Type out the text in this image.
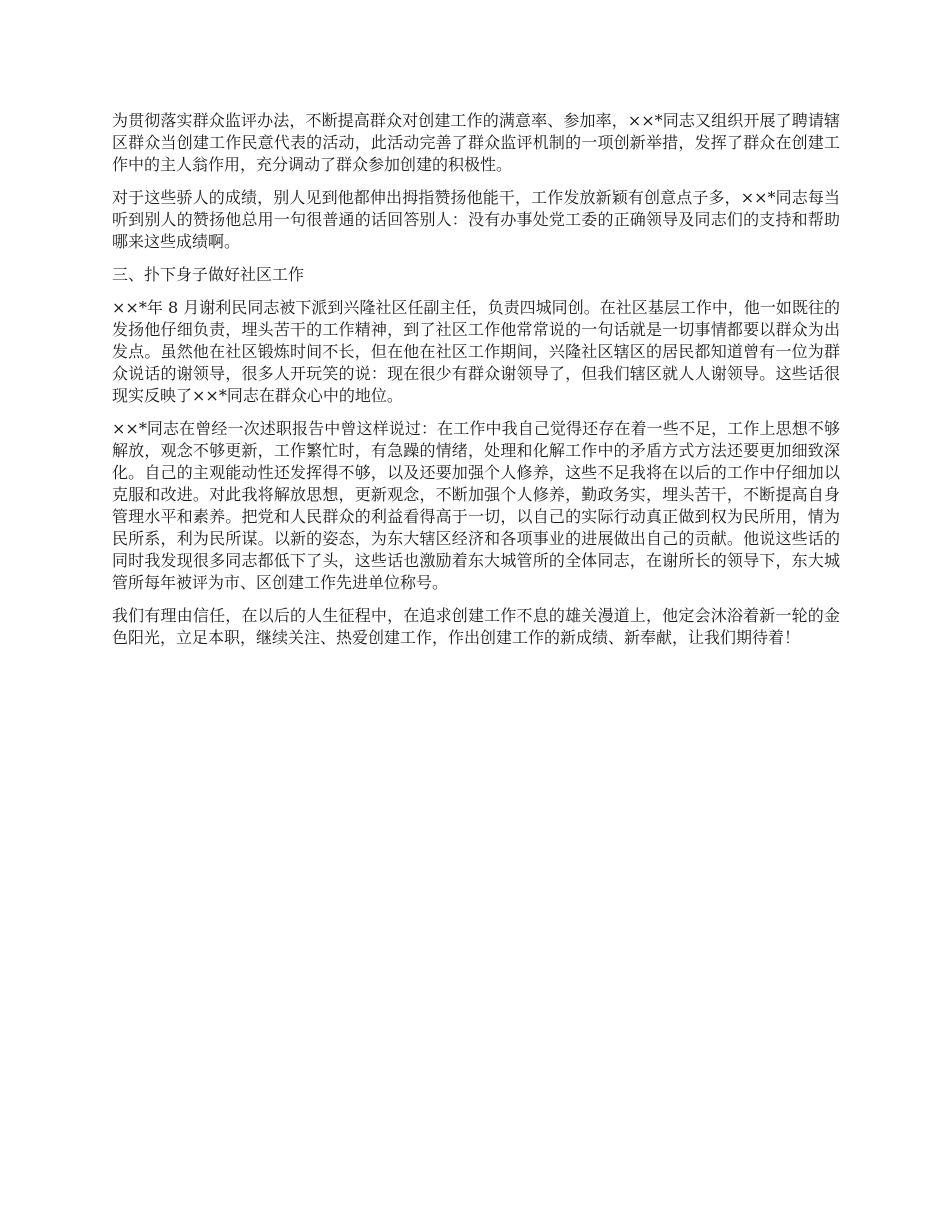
为贯彻落实群众监评办法，不断提高群众对创建工作的满意率、参加率，××*同志又组织开展了聘请辖区群众当创建工作民意代表的活动，此活动完善了群众监评机制的一项创新举措，发挥了群众在创建工作中的主人翁作用，充分调动了群众参加创建的积极性。

对于这些骄人的成绩，别人见到他都伸出拇指赞扬他能干，工作发放新颖有创意点子多，××*同志每当听到别人的赞扬他总用一句很普通的话回答别人：没有办事处党工委的正确领导及同志们的支持和帮助哪来这些成绩啊。

三、扑下身子做好社区工作

××*年 8 月谢利民同志被下派到兴隆社区任副主任，负责四城同创。在社区基层工作中，他一如既往的发扬他仔细负责，埋头苦干的工作精神，到了社区工作他常常说的一句话就是一切事情都要以群众为出发点。虽然他在社区锻炼时间不长，但在他在社区工作期间，兴隆社区辖区的居民都知道曾有一位为群众说话的谢领导，很多人开玩笑的说：现在很少有群众谢领导了，但我们辖区就人人谢领导。这些话很现实反映了××*同志在群众心中的地位。

××*同志在曾经一次述职报告中曾这样说过：在工作中我自己觉得还存在着一些不足，工作上思想不够解放，观念不够更新，工作繁忙时，有急躁的情绪，处理和化解工作中的矛盾方式方法还要更加细致深化。自己的主观能动性还发挥得不够，以及还要加强个人修养，这些不足我将在以后的工作中仔细加以克服和改进。对此我将解放思想，更新观念，不断加强个人修养，勤政务实，埋头苦干，不断提高自身管理水平和素养。把党和人民群众的利益看得高于一切，以自己的实际行动真正做到权为民所用，情为民所系，利为民所谋。以新的姿态，为东大辖区经济和各项事业的进展做出自己的贡献。他说这些话的同时我发现很多同志都低下了头，这些话也激励着东大城管所的全体同志，在谢所长的领导下，东大城管所每年被评为市、区创建工作先进单位称号。

我们有理由信任，在以后的人生征程中，在追求创建工作不息的雄关漫道上，他定会沐浴着新一轮的金色阳光，立足本职，继续关注、热爱创建工作，作出创建工作的新成绩、新奉献，让我们期待着！
